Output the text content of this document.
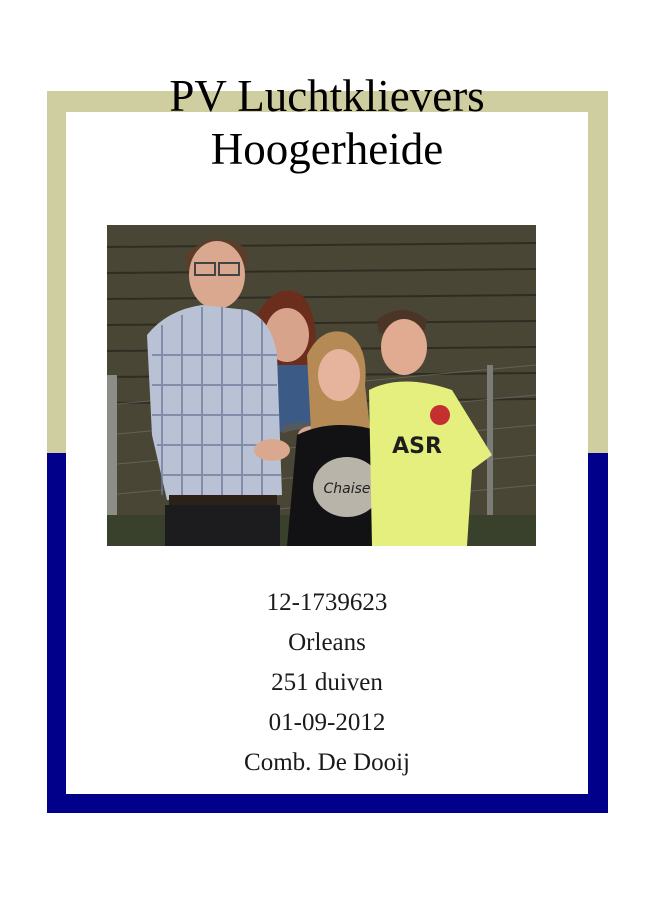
PV Luchtklievers
Hoogerheide
Chaise
ASR
12-1739623
Orleans
251 duiven
01-09-2012
Comb. De Dooij
